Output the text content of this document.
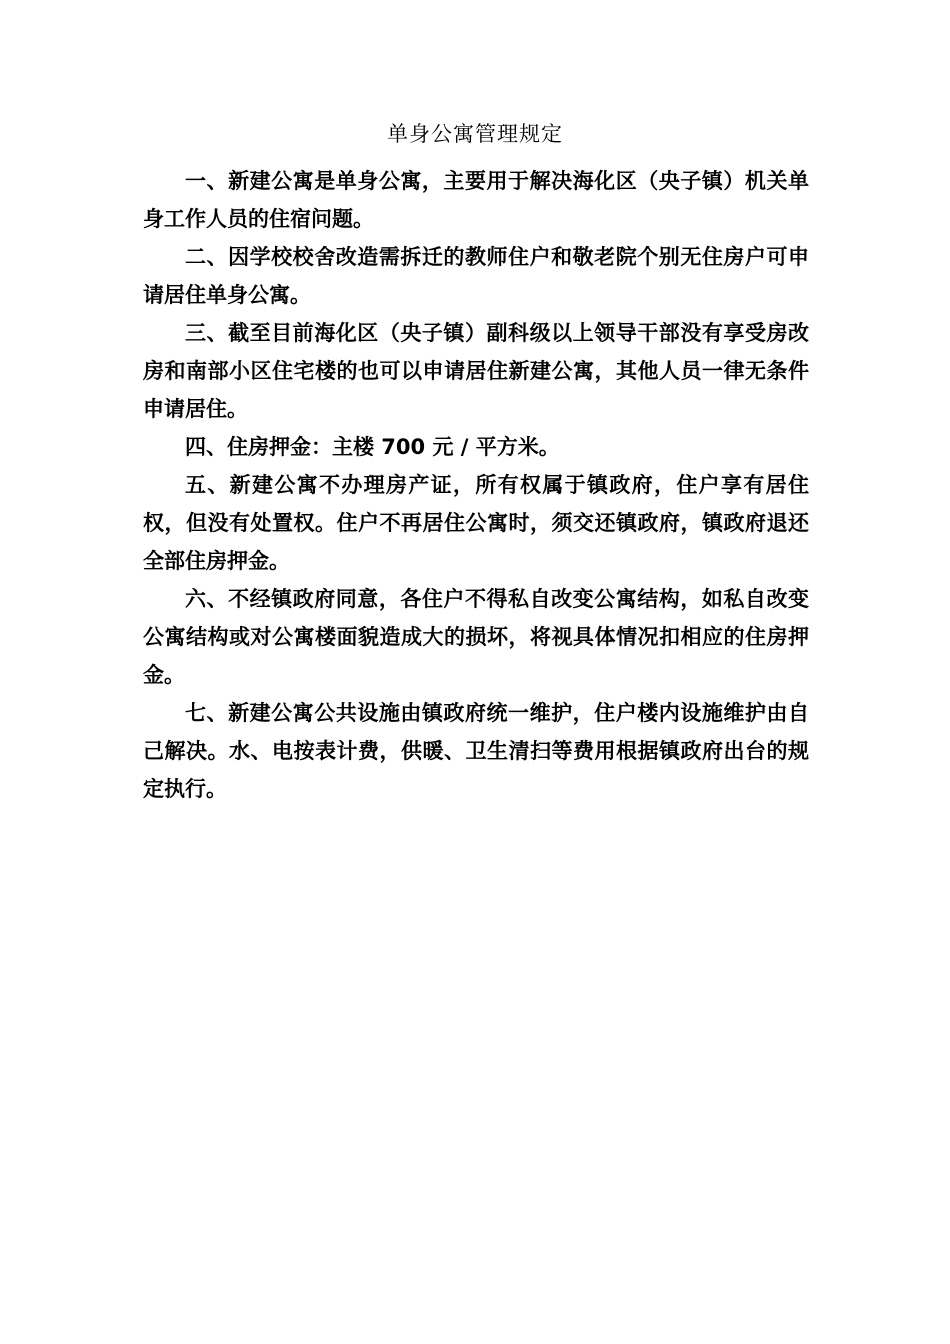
单身公寓管理规定

一、新建公寓是单身公寓，主要用于解决海化区（央子镇）机关单身工作人员的住宿问题。

二、因学校校舍改造需拆迁的教师住户和敬老院个别无住房户可申请居住单身公寓。

三、截至目前海化区（央子镇）副科级以上领导干部没有享受房改房和南部小区住宅楼的也可以申请居住新建公寓，其他人员一律无条件申请居住。

四、住房押金：主楼 700 元 / 平方米。

五、新建公寓不办理房产证，所有权属于镇政府，住户享有居住权，但没有处置权。住户不再居住公寓时，须交还镇政府，镇政府退还全部住房押金。

六、不经镇政府同意，各住户不得私自改变公寓结构，如私自改变公寓结构或对公寓楼面貌造成大的损坏，将视具体情况扣相应的住房押金。

七、新建公寓公共设施由镇政府统一维护，住户楼内设施维护由自己解决。水、电按表计费，供暖、卫生清扫等费用根据镇政府出台的规定执行。
